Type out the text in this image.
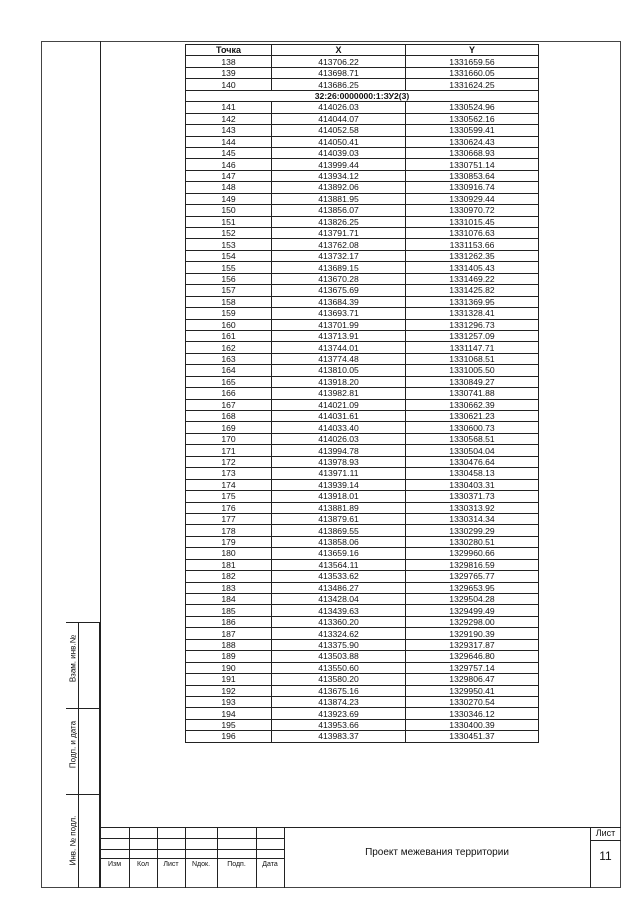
Взам. инв.№
Подп. и дата
Инв. № подл.
Точка	X	Y
138	413706.22	1331659.56
139	413698.71	1331660.05
140	413686.25	1331624.25
32:26:0000000:1:ЗУ2(3)		
141	414026.03	1330524.96
142	414044.07	1330562.16
143	414052.58	1330599.41
144	414050.41	1330624.43
145	414039.03	1330668.93
146	413999.44	1330751.14
147	413934.12	1330853.64
148	413892.06	1330916.74
149	413881.95	1330929.44
150	413856.07	1330970.72
151	413826.25	1331015.45
152	413791.71	1331076.63
153	413762.08	1331153.66
154	413732.17	1331262.35
155	413689.15	1331405.43
156	413670.28	1331469.22
157	413675.69	1331425.82
158	413684.39	1331369.95
159	413693.71	1331328.41
160	413701.99	1331296.73
161	413713.91	1331257.09
162	413744.01	1331147.71
163	413774.48	1331068.51
164	413810.05	1331005.50
165	413918.20	1330849.27
166	413982.81	1330741.88
167	414021.09	1330662.39
168	414031.61	1330621.23
169	414033.40	1330600.73
170	414026.03	1330568.51
171	413994.78	1330504.04
172	413978.93	1330476.64
173	413971.11	1330458.13
174	413939.14	1330403.31
175	413918.01	1330371.73
176	413881.89	1330313.92
177	413879.61	1330314.34
178	413869.55	1330299.29
179	413858.06	1330280.51
180	413659.16	1329960.66
181	413564.11	1329816.59
182	413533.62	1329765.77
183	413486.27	1329653.95
184	413428.04	1329504.28
185	413439.63	1329499.49
186	413360.20	1329298.00
187	413324.62	1329190.39
188	413375.90	1329317.87
189	413503.88	1329646.80
190	413550.60	1329757.14
191	413580.20	1329806.47
192	413675.16	1329950.41
193	413874.23	1330270.54
194	413923.69	1330346.12
195	413953.66	1330400.39
196	413983.37	1330451.37
Изм	Кол	Лист	Nдок.	Подп.	Дата
Проект межевания территории
Лист
11
